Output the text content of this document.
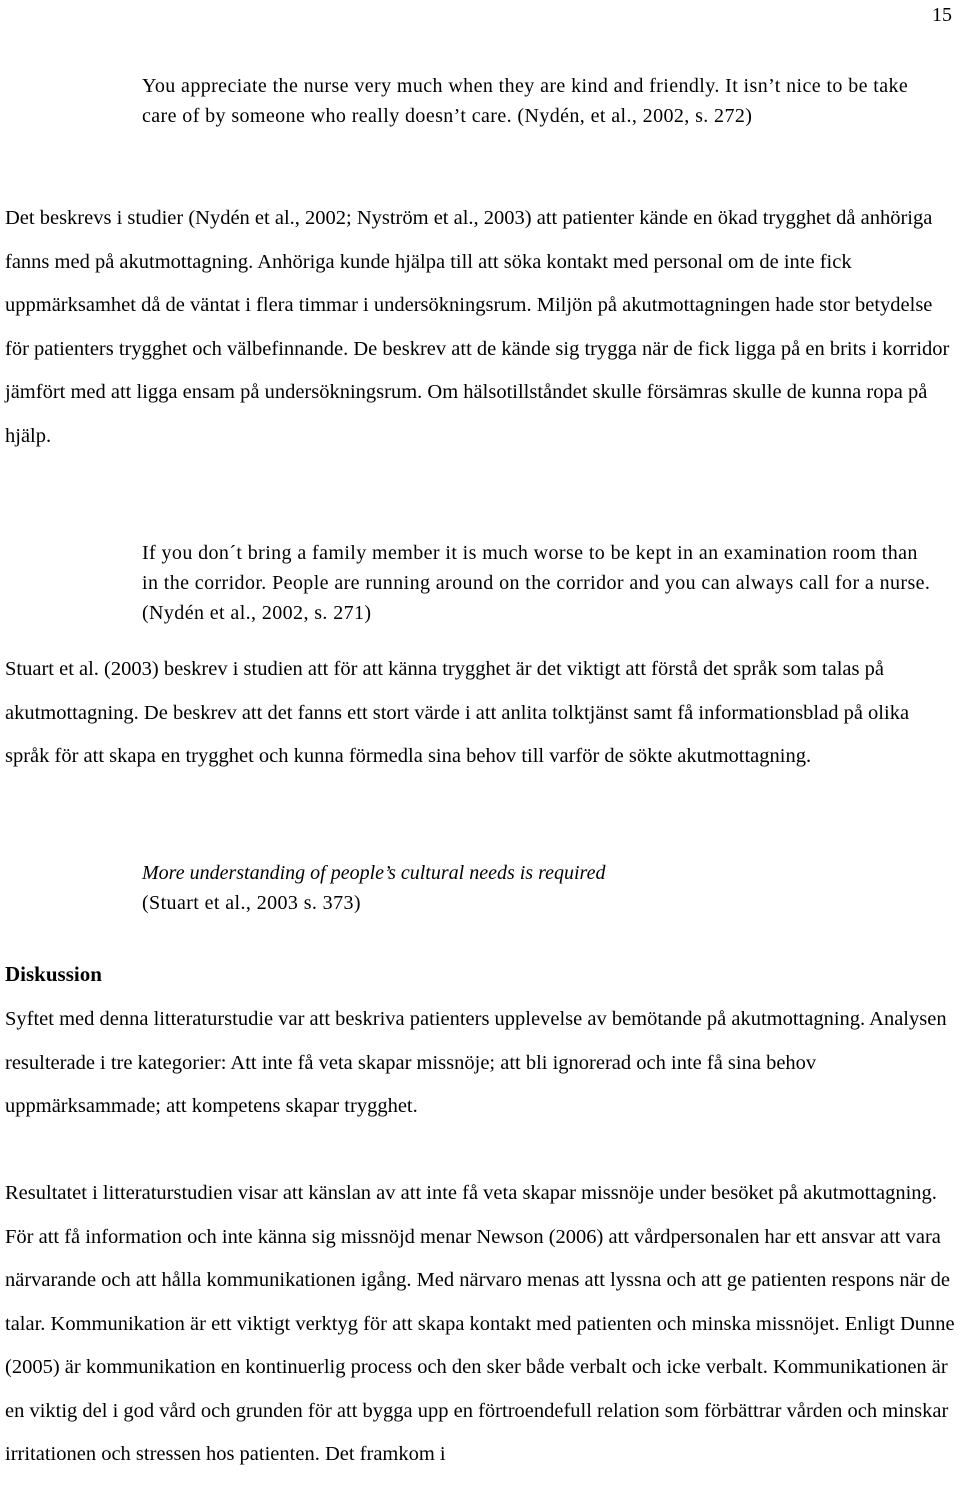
15

You appreciate the nurse very much when they are kind and friendly. It isn’t nice to be take care of by someone who really doesn’t care. (Nydén, et al., 2002, s. 272)

Det beskrevs i studier (Nydén et al., 2002; Nyström et al., 2003) att patienter kände en ökad trygghet då anhöriga fanns med på akutmottagning. Anhöriga kunde hjälpa till att söka kontakt med personal om de inte fick uppmärksamhet då de väntat i flera timmar i undersökningsrum. Miljön på akutmottagningen hade stor betydelse för patienters trygghet och välbefinnande. De beskrev att de kände sig trygga när de fick ligga på en brits i korridor jämfört med att ligga ensam på undersökningsrum. Om hälsotillståndet skulle försämras skulle de kunna ropa på hjälp.

If you don´t bring a family member it is much worse to be kept in an examination room than in the corridor. People are running around on the corridor and you can always call for a nurse. (Nydén et al., 2002, s. 271)

Stuart et al. (2003) beskrev i studien att för att känna trygghet är det viktigt att förstå det språk som talas på akutmottagning. De beskrev att det fanns ett stort värde i att anlita tolktjänst samt få informationsblad på olika språk för att skapa en trygghet och kunna förmedla sina behov till varför de sökte akutmottagning.

More understanding of people’s cultural needs is required
(Stuart et al., 2003 s. 373)
Diskussion

Syftet med denna litteraturstudie var att beskriva patienters upplevelse av bemötande på akutmottagning. Analysen resulterade i tre kategorier: Att inte få veta skapar missnöje; att bli ignorerad och inte få sina behov uppmärksammade; att kompetens skapar trygghet.

Resultatet i litteraturstudien visar att känslan av att inte få veta skapar missnöje under besöket på akutmottagning. För att få information och inte känna sig missnöjd menar Newson (2006) att vårdpersonalen har ett ansvar att vara närvarande och att hålla kommunikationen igång. Med närvaro menas att lyssna och att ge patienten respons när de talar. Kommunikation är ett viktigt verktyg för att skapa kontakt med patienten och minska missnöjet. Enligt Dunne (2005) är kommunikation en kontinuerlig process och den sker både verbalt och icke verbalt. Kommunikationen är en viktig del i god vård och grunden för att bygga upp en förtroendefull relation som förbättrar vården och minskar irritationen och stressen hos patienten. Det framkom i
